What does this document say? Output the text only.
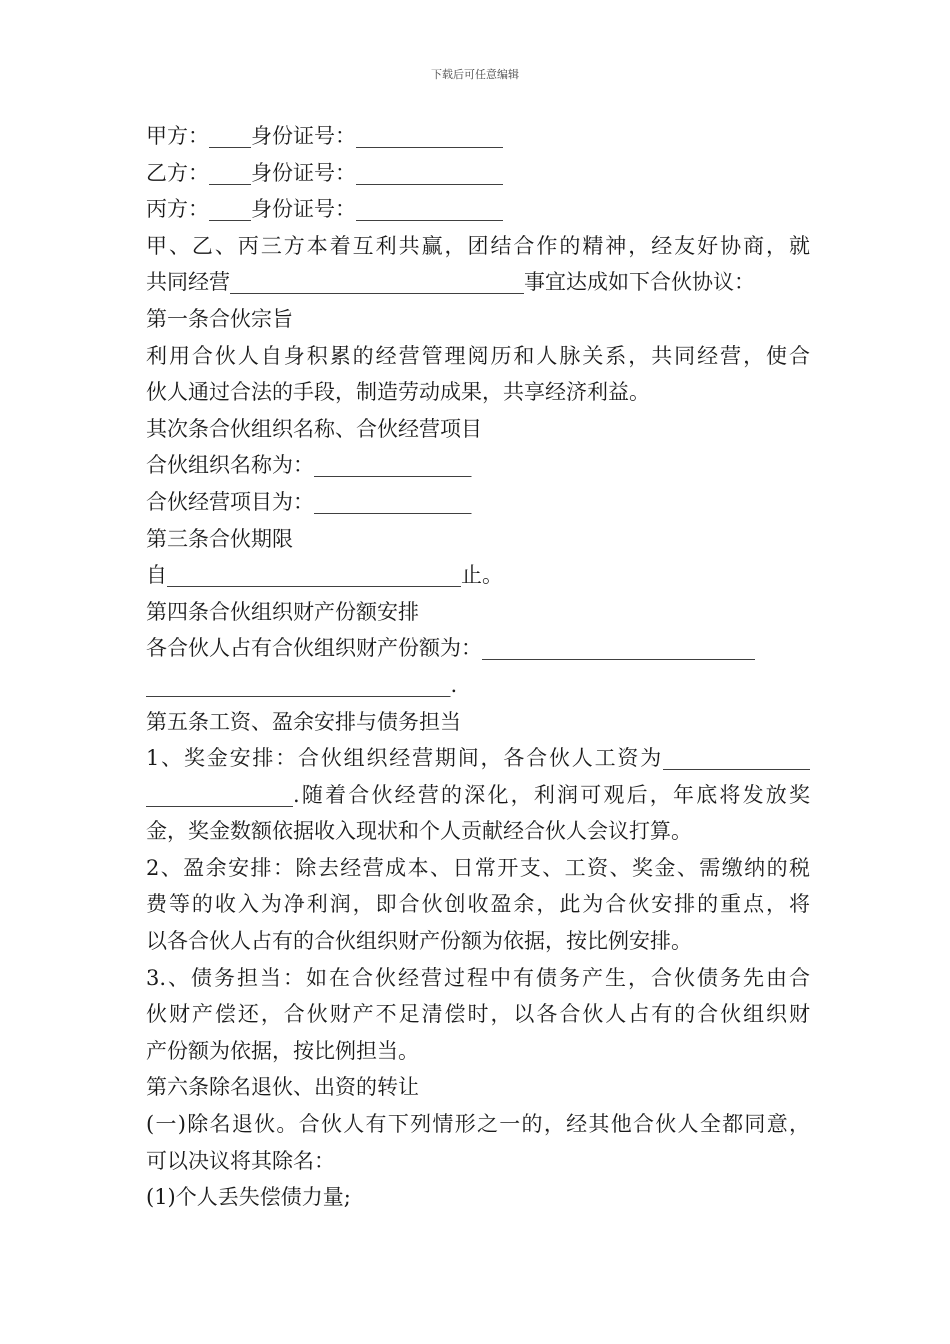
下载后可任意编辑
甲方：____身份证号：______________
乙方：____身份证号：______________
丙方：____身份证号：______________
甲、乙、丙三方本着互利共赢，团结合作的精神，经友好协商，就
共同经营____________________________事宜达成如下合伙协议：
第一条合伙宗旨
利用合伙人自身积累的经营管理阅历和人脉关系，共同经营，使合
伙人通过合法的手段，制造劳动成果，共享经济利益。
其次条合伙组织名称、合伙经营项目
合伙组织名称为：_______________
合伙经营项目为：_______________
第三条合伙期限
自____________________________止。
第四条合伙组织财产份额安排
各合伙人占有合伙组织财产份额为：__________________________
_____________________________.
第五条工资、盈余安排与债务担当
1、奖金安排：合伙组织经营期间，各合伙人工资为______________
______________.随着合伙经营的深化，利润可观后，年底将发放奖
金，奖金数额依据收入现状和个人贡献经合伙人会议打算。
2、盈余安排：除去经营成本、日常开支、工资、奖金、需缴纳的税
费等的收入为净利润，即合伙创收盈余，此为合伙安排的重点，将
以各合伙人占有的合伙组织财产份额为依据，按比例安排。
3.、债务担当：如在合伙经营过程中有债务产生，合伙债务先由合
伙财产偿还，合伙财产不足清偿时，以各合伙人占有的合伙组织财
产份额为依据，按比例担当。
第六条除名退伙、出资的转让
(一)除名退伙。合伙人有下列情形之一的，经其他合伙人全都同意，
可以决议将其除名：
(1)个人丢失偿债力量;
